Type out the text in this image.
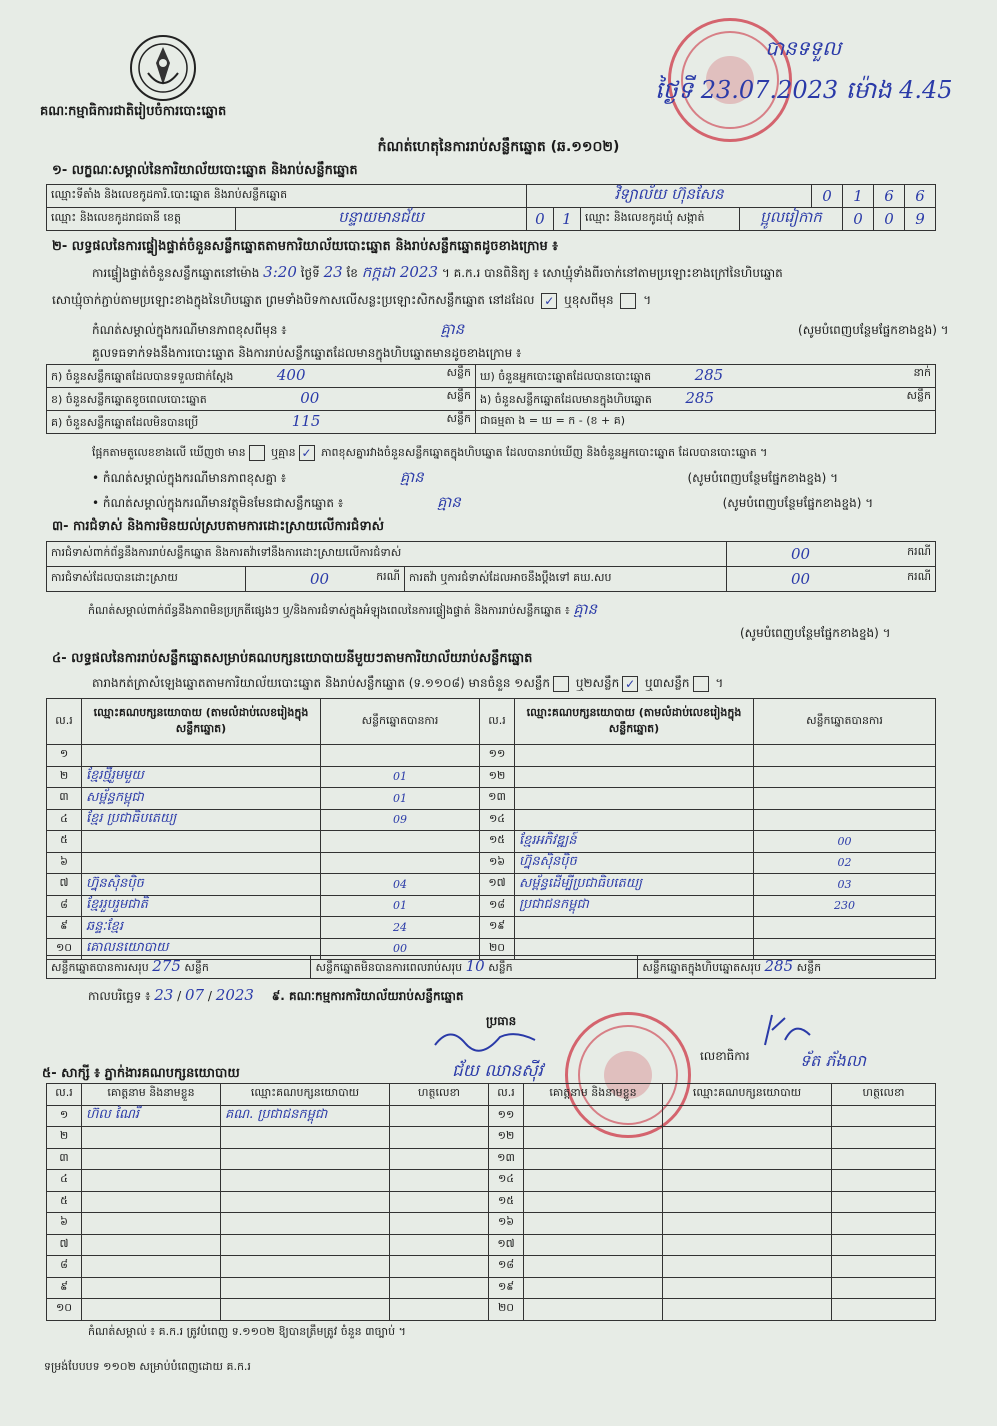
គណៈកម្មាធិការជាតិរៀបចំការបោះឆ្នោត
កំណត់ហេតុនៃការរាប់សន្លឹកឆ្នោត (ឆ.១១០២)
បានទទួល
ថ្ងៃទី 23.07.2023 ម៉ោង 4.45
១- លក្ខណៈសម្គាល់នៃការិយាល័យបោះឆ្នោត និងរាប់សន្លឹកឆ្នោត
ឈ្មោះទីតាំង និងលេខកូដការិ.បោះឆ្នោត និងរាប់សន្លឹកឆ្នោត		វិទ្យាល័យ ហ៊ុនសែន				0	1	6	6
ឈ្មោះ និងលេខកូដរាជធានី ខេត្ត	បន្ទាយមានជ័យ	0	1	ឈ្មោះ និងលេខកូដឃុំ សង្កាត់	ប្អូលរៀកាក		0	0	9
២- លទ្ធផលនៃការផ្ទៀងផ្ទាត់ចំនួនសន្លឹកឆ្នោតតាមការិយាល័យបោះឆ្នោត និងរាប់សន្លឹកឆ្នោតដូចខាងក្រោម ៖
ការផ្ទៀងផ្ទាត់ចំនួនសន្លឹកឆ្នោតនៅម៉ោង 3:20 ថ្ងៃទី 23 ខែ កក្កដា 2023 ។ គ.ក.រ បានពិនិត្យ ៖ សោឃ្មុំទាំងពីរចាក់នៅតាមប្រឡោះខាងក្រៅនៃហិបឆ្នោត
សោឃ្មុំចាក់ភ្ជាប់តាមប្រឡោះខាងក្នុងនៃហិបឆ្នោត ព្រមទាំងបិទកាសលើសន្លះប្រឡោះសិកសន្លឹកឆ្នោត នៅដដែល ✓ ឬខុសពីមុន  ។
កំណត់សម្គាល់ក្នុងករណីមានភាពខុសពីមុន ៖	គ្មាន	(សូមបំពេញបន្ថែមផ្នែកខាងខ្នង) ។
គួលទធទាក់ទងនឹងការបោះឆ្នោត និងការរាប់សន្លឹកឆ្នោតដែលមានក្នុងហិបឆ្នោតមានដូចខាងក្រោម ៖
ក) ចំនួនសន្លឹកឆ្នោតដែលបានទទួលជាក់ស្តែង 400 សន្លឹក	ឃ) ចំនួនអ្នកបោះឆ្នោតដែលបានបោះឆ្នោត 285 នាក់

ខ) ចំនួនសន្លឹកឆ្នោតខូចពេលបោះឆ្នោត 00 សន្លឹក	ង) ចំនួនសន្លឹកឆ្នោតដែលមានក្នុងហិបឆ្នោត 285 សន្លឹក

គ) ចំនួនសន្លឹកឆ្នោតដែលមិនបានប្រើ 115 សន្លឹក	ជាធម្មតា ង = ឃ = ក - (ខ + គ)
ផ្អែកតាមតួលេខខាងលើ ឃើញថា មាន ឬគ្មាន ✓ ភាពខុសគ្នារវាងចំនួនសន្លឹកឆ្នោតក្នុងហិបឆ្នោត ដែលបានរាប់ឃើញ និងចំនួនអ្នកបោះឆ្នោត ដែលបានបោះឆ្នោត ។
• កំណត់សម្គាល់ក្នុងករណីមានភាពខុសគ្នា ៖	គ្មាន	(សូមបំពេញបន្ថែមផ្នែកខាងខ្នង) ។
• កំណត់សម្គាល់ក្នុងករណីមានវត្ថុមិនមែនជាសន្លឹកឆ្នោត ៖	គ្មាន	(សូមបំពេញបន្ថែមផ្នែកខាងខ្នង) ។
៣- ការជំទាស់ និងការមិនយល់ស្របតាមការដោះស្រាយលើការជំទាស់
ការជំទាស់ពាក់ព័ន្ធនឹងការរាប់សន្លឹកឆ្នោត និងការតវ៉ាទៅនឹងការដោះស្រាយលើការជំទាស់			00 ករណី

ការជំទាស់ដែលបានដោះស្រាយ	00 ករណី	ការតវ៉ា ឬការជំទាស់ដែលអាចនឹងប្តឹងទៅ គឃ.សប	00 ករណី
កំណត់សម្គាល់ពាក់ព័ន្ធនឹងភាពមិនប្រក្រតីផ្សេងៗ ឬ/និងការជំទាស់ក្នុងអំឡុងពេលនៃការផ្ទៀងផ្ទាត់ និងការរាប់សន្លឹកឆ្នោត ៖ គ្មាន
(សូមបំពេញបន្ថែមផ្នែកខាងខ្នង) ។
៤- លទ្ធផលនៃការរាប់សន្លឹកឆ្នោតសម្រាប់គណបក្សនយោបាយនីមួយៗតាមការិយាល័យរាប់សន្លឹកឆ្នោត
តារាងកត់ត្រាសំឡេងឆ្នោតតាមការិយាល័យបោះឆ្នោត និងរាប់សន្លឹកឆ្នោត (ទ.១១០៨) មានចំនួន ១សន្លឹក ឬ២សន្លឹក ✓ ឬ៣សន្លឹក ។
ល.រ	ឈ្មោះគណបក្សនយោបាយ (តាមលំដាប់លេខរៀងក្នុងសន្លឹកឆ្នោត)	សន្លឹកឆ្នោតបានការ	ល.រ	ឈ្មោះគណបក្សនយោបាយ (តាមលំដាប់លេខរៀងក្នុងសន្លឹកឆ្នោត)	សន្លឹកឆ្នោតបានការ
១			១១		
២	ខ្មែរថ្មីរួមមួយ	01	១២		
៣	សម្ព័ន្ធកម្ពុជា	01	១៣		
៤	ខ្មែរ ប្រជាធិបតេយ្យ	09	១៤		
៥			១៥	ខ្មែរអភិវឌ្ឍន៍	00
៦			១៦	ហ្វ៊ុនស៊ិនប៉ិច	02
៧	ហ្វ៊ុនស៊ិនប៉ិច	04	១៧	សម្ព័ន្ធដើម្បីប្រជាធិបតេយ្យ	03
៨	ខ្មែររួបរួមជាតិ	01	១៨	ប្រជាជនកម្ពុជា	230
៩	ឆន្ទៈខ្មែរ	24	១៩		
១០	គោលនយោបាយ	00	២០		
សន្លឹកឆ្នោតបានការសរុប 275 សន្លឹក	សន្លឹកឆ្នោតមិនបានការពេលរាប់សរុប 10 សន្លឹក	សន្លឹកឆ្នោតក្នុងហិបឆ្នោតសរុប 285 សន្លឹក
កាលបរិច្ឆេទ ៖ 23 / 07 / 2023 ៩. គណៈកម្មការការិយាល័យរាប់សន្លឹកឆ្នោត
ប្រធាន
ជ័យ ឈានស៊ីវ
លេខាធិការ	ទ័ត ភ័ងលា
៥- សាក្សី ៖ ភ្នាក់ងារគណបក្សនយោបាយ
ល.រ	គោត្តនាម និងនាមខ្លួន	ឈ្មោះគណបក្សនយោបាយ	ហត្ថលេខា	ល.រ	គោត្តនាម និងនាមខ្លួន	ឈ្មោះគណបក្សនយោបាយ	ហត្ថលេខា
១	ហ៊ល ណៃរី	គណ. ប្រជាជនកម្ពុជា		១១			
២				១២			
៣				១៣			
៤				១៤			
៥				១៥			
៦				១៦			
៧				១៧			
៨				១៨			
៩				១៩			
១០				២០			
កំណត់សម្គាល់ ៖ គ.ក.រ ត្រូវបំពេញ ទ.១១០២ ឱ្យបានត្រឹមត្រូវ ចំនួន ៣ច្បាប់ ។
ទម្រង់បែបបទ ១១០២ សម្រាប់បំពេញដោយ គ.ក.រ
